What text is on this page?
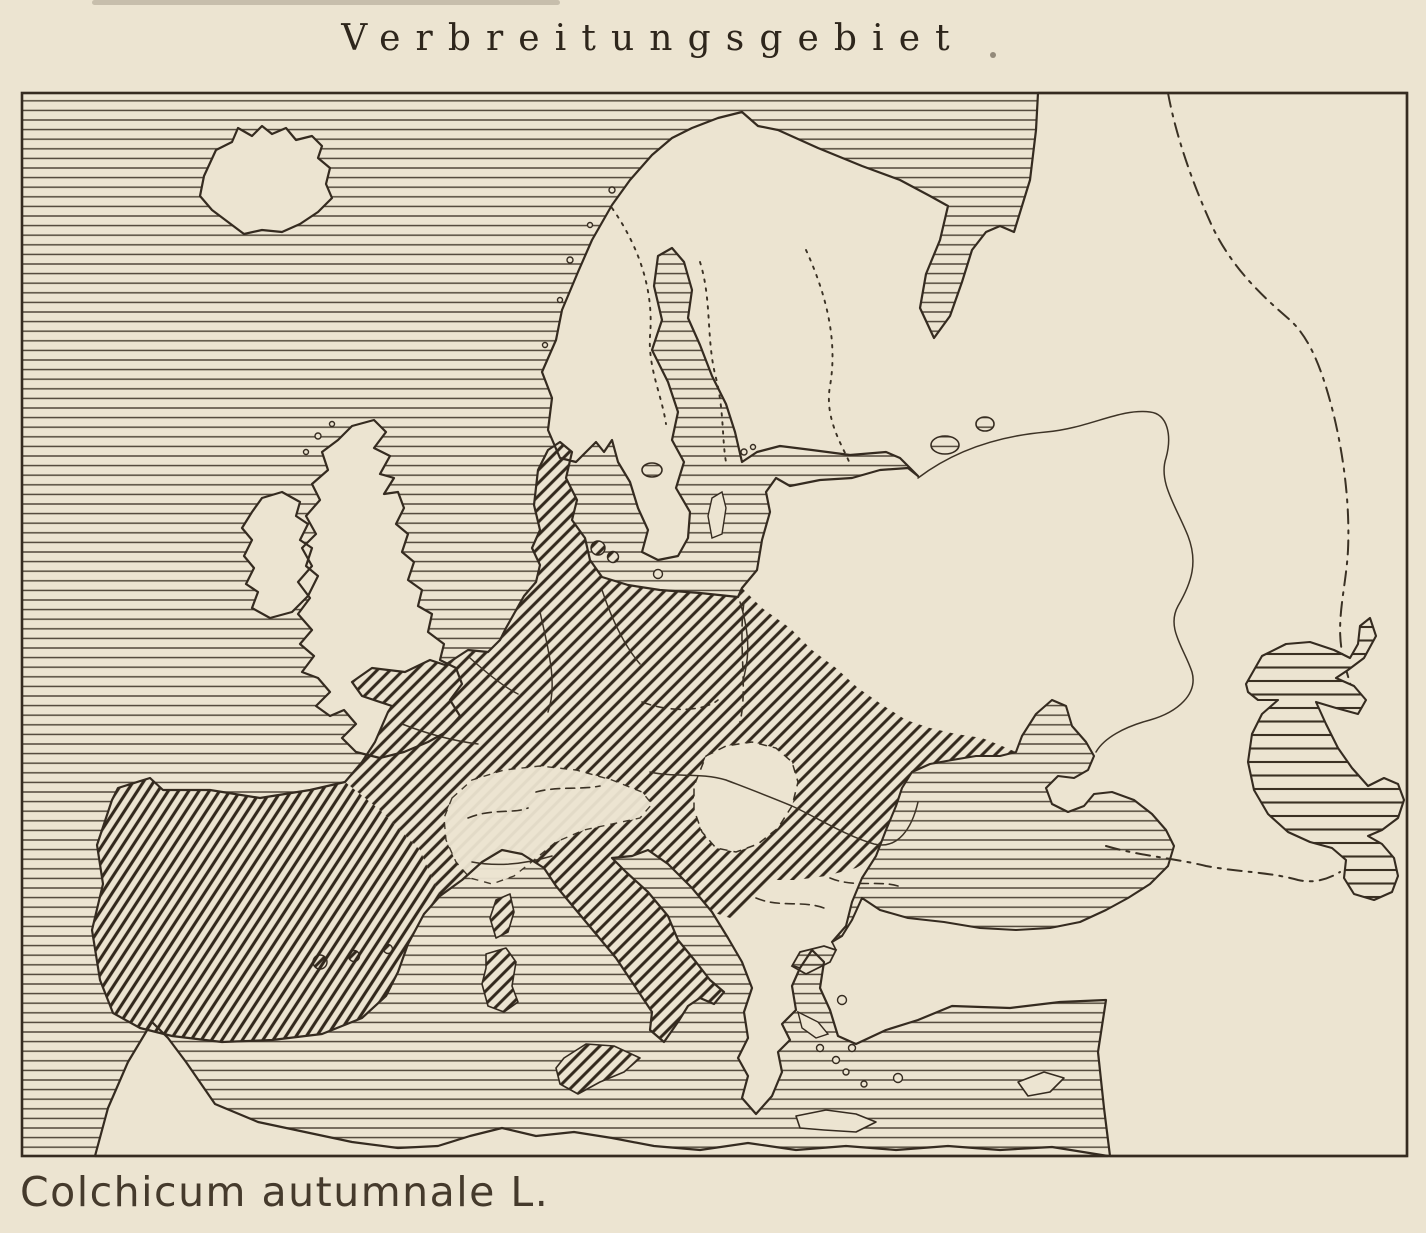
Verbreitungsgebiet
Colchicum autumnale L.
